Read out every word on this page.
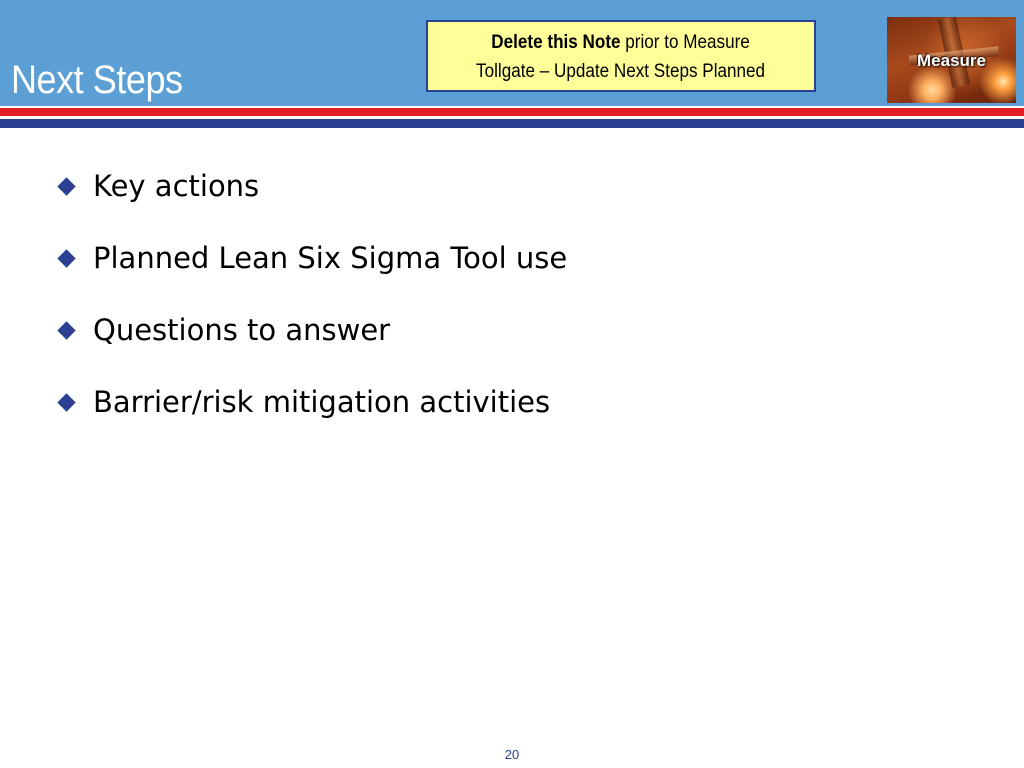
Next Steps
Delete this Note prior to Measure
Tollgate – Update Next Steps Planned
Measure
Key actions
Planned Lean Six Sigma Tool use
Questions to answer
Barrier/risk mitigation activities
20
